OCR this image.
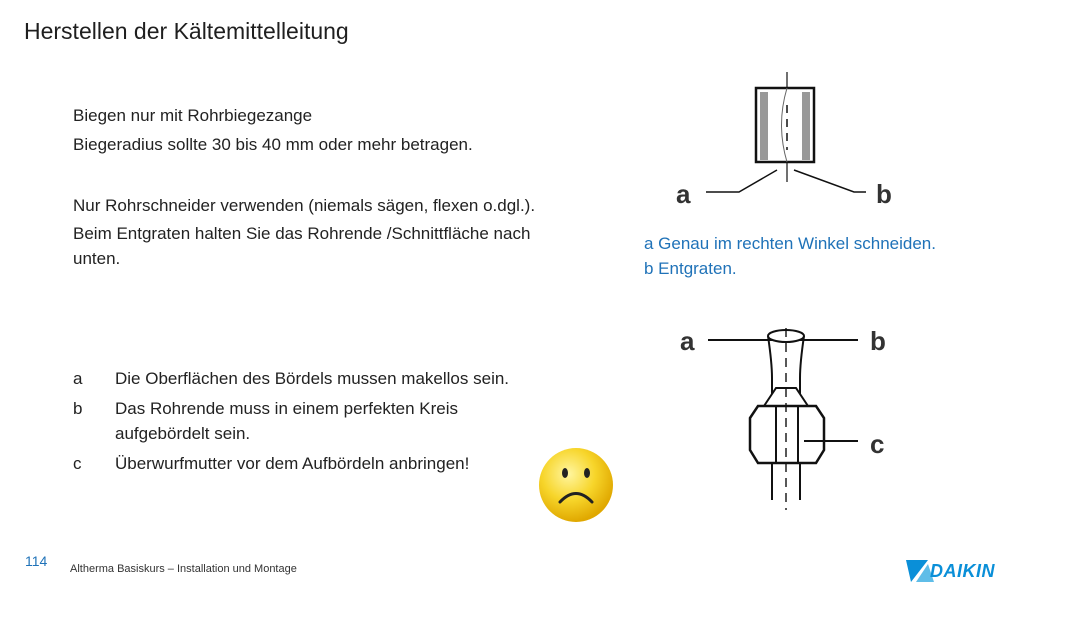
Herstellen der Kältemittelleitung
Biegen nur mit Rohrbiegezange
Biegeradius sollte 30 bis 40 mm oder mehr betragen.
Nur Rohrschneider verwenden (niemals sägen, flexen o.dgl.).
Beim Entgraten halten Sie das Rohrende /Schnittfläche nach
unten.
a Genau im rechten Winkel schneiden.
b Entgraten.
a	Die Oberflächen des Bördels mussen makellos sein.
b	Das Rohrende muss in einem perfekten Kreis aufgebördelt sein.
c	Überwurfmutter vor dem Aufbördeln anbringen!
a	b
a	b
c
114 Altherma Basiskurs – Installation und Montage	DAIKIN
